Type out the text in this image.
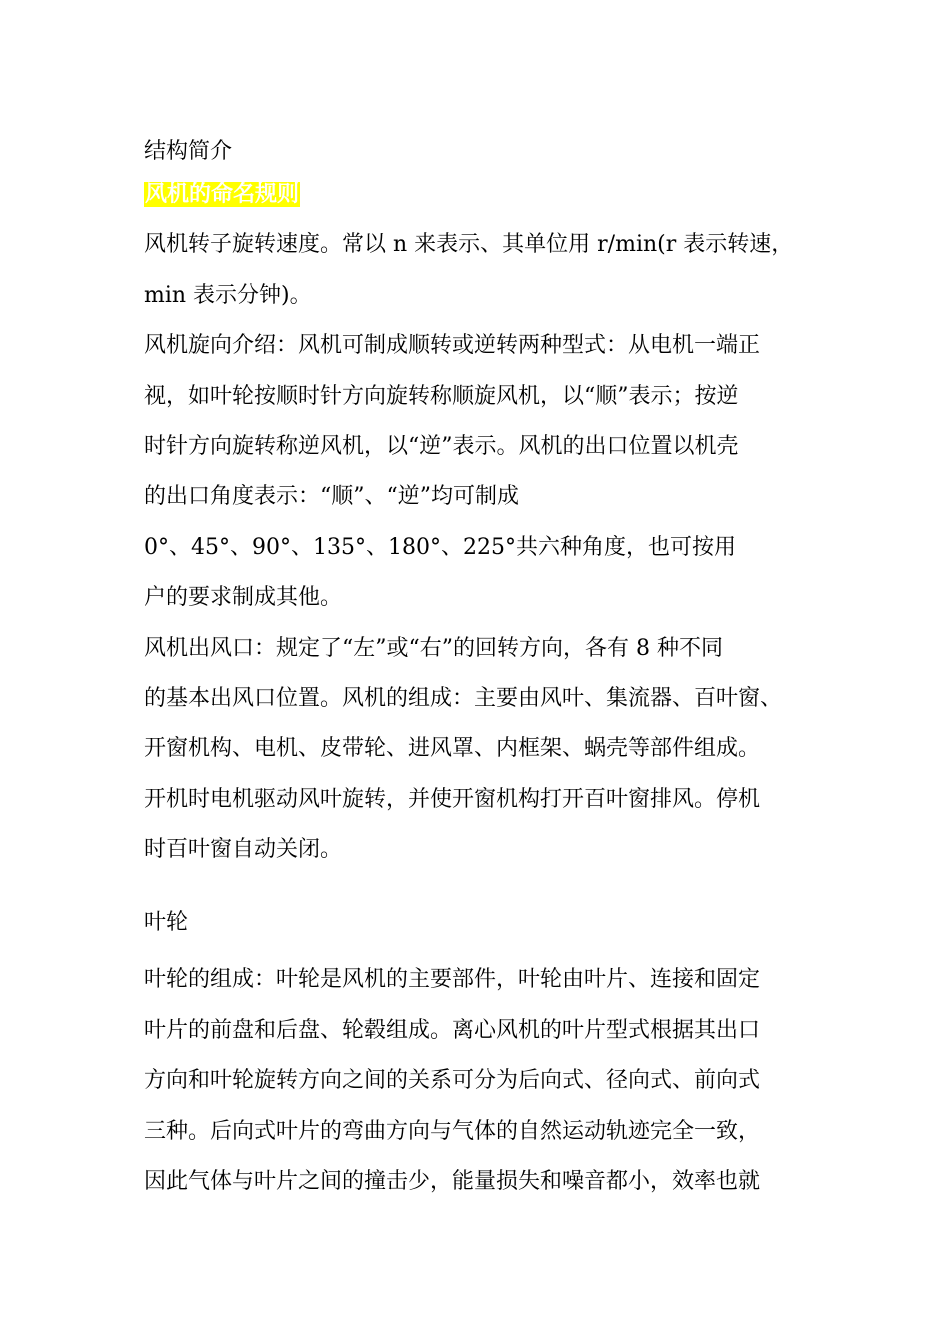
结构简介
风机的命名规则
风机转子旋转速度。常以 n 来表示、其单位用 r/min(r 表示转速，
min 表示分钟)。
风机旋向介绍：风机可制成顺转或逆转两种型式：从电机一端正
视，如叶轮按顺时针方向旋转称顺旋风机，以“顺”表示；按逆
时针方向旋转称逆风机，以“逆”表示。风机的出口位置以机壳
的出口角度表示：“顺”、“逆”均可制成
0°、45°、90°、135°、180°、225°共六种角度，也可按用
户的要求制成其他。
风机出风口：规定了“左”或“右”的回转方向，各有 8 种不同
的基本出风口位置。风机的组成：主要由风叶、集流器、百叶窗、
开窗机构、电机、皮带轮、进风罩、内框架、蜗壳等部件组成。
开机时电机驱动风叶旋转，并使开窗机构打开百叶窗排风。停机
时百叶窗自动关闭。
叶轮
叶轮的组成：叶轮是风机的主要部件，叶轮由叶片、连接和固定
叶片的前盘和后盘、轮毂组成。离心风机的叶片型式根据其出口
方向和叶轮旋转方向之间的关系可分为后向式、径向式、前向式
三种。后向式叶片的弯曲方向与气体的自然运动轨迹完全一致，
因此气体与叶片之间的撞击少，能量损失和噪音都小，效率也就
